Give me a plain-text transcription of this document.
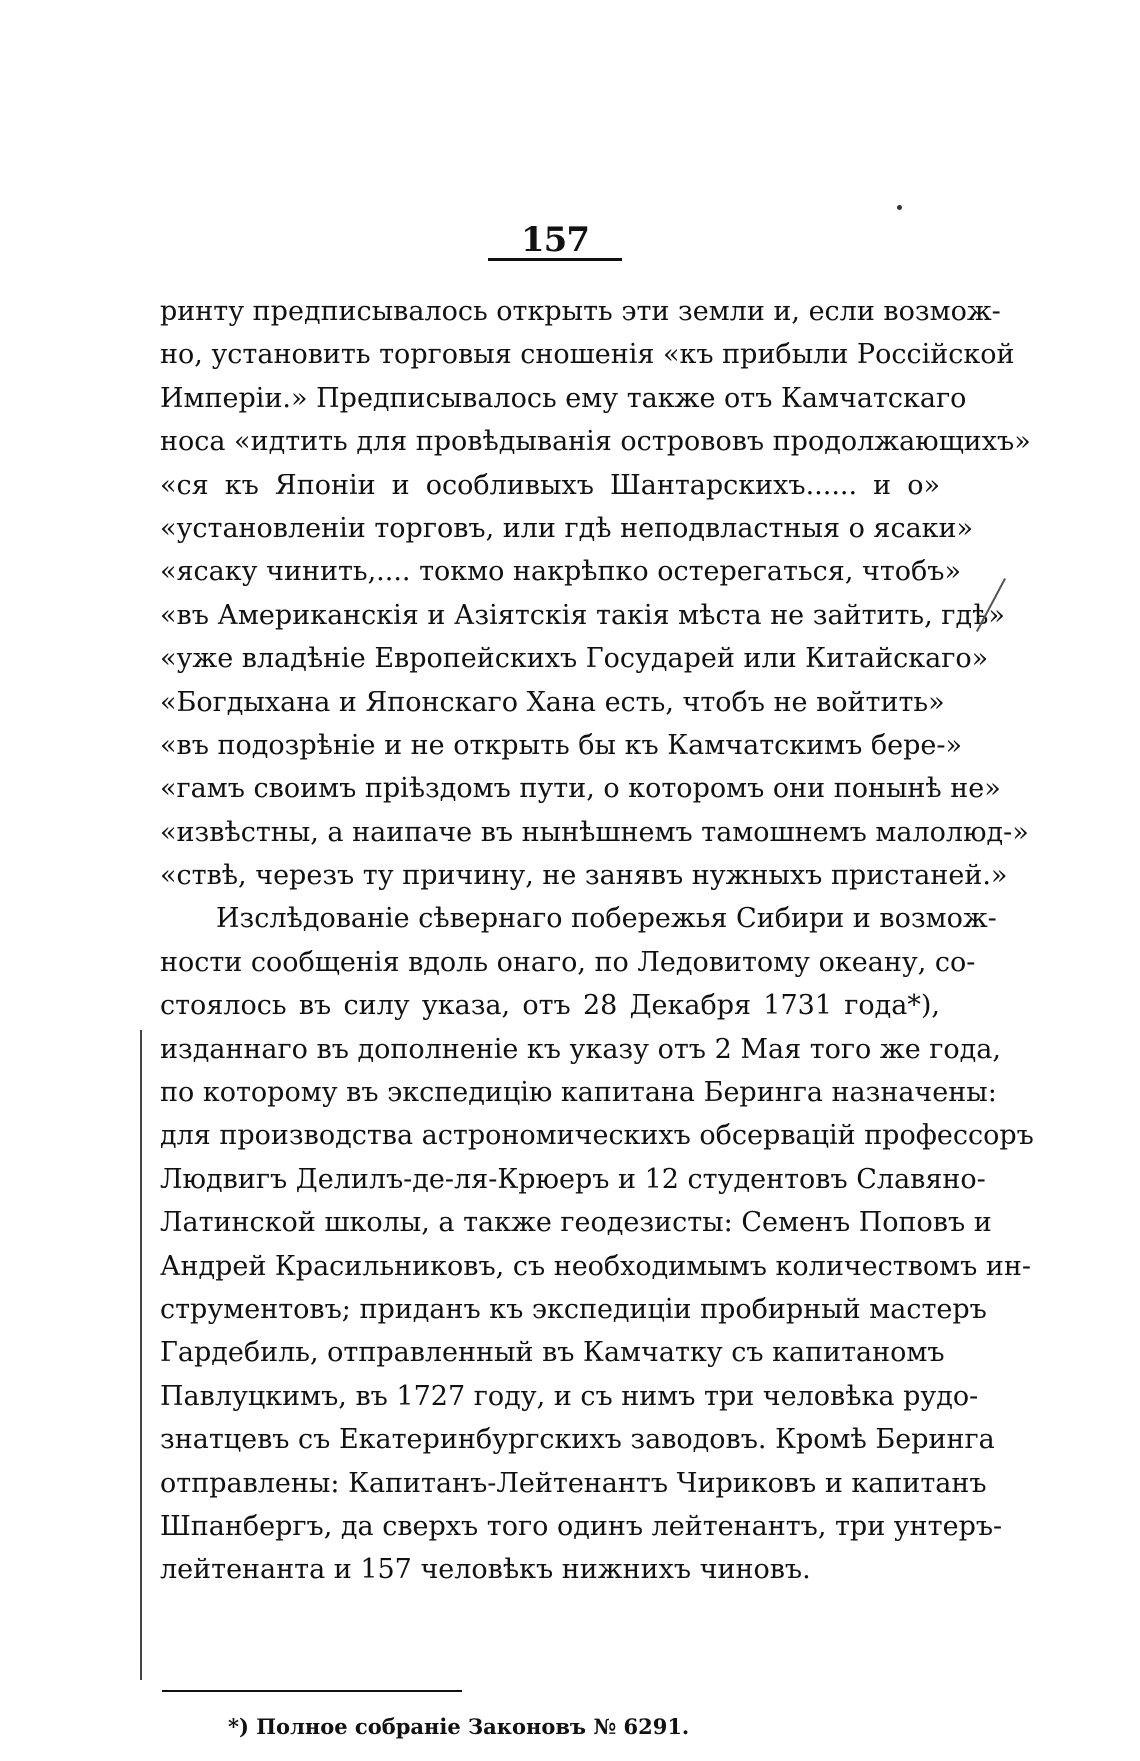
157
ринту предписывалось открыть эти земли и, если возмож-
но, установить торговыя сношенія «къ прибыли Россійской
Имперіи.» Предписывалось ему также отъ Камчатскаго
носа «идтить для провѣдыванія острововъ продолжающихъ»
«ся къ Японіи и особливыхъ Шантарскихъ...... и о»
«установленіи торговъ, или гдѣ неподвластныя о ясаки»
«ясаку чинить,.... токмо накрѣпко остерегаться, чтобъ»
«въ Американскія и Азіятскія такія мѣста не зайтить, гдѣ»
«уже владѣніе Европейскихъ Государей или Китайскаго»
«Богдыхана и Японскаго Хана есть, чтобъ не войтить»
«въ подозрѣніе и не открыть бы къ Камчатскимъ бере-»
«гамъ своимъ пріѣздомъ пути, о которомъ они понынѣ не»
«извѣстны, а наипаче въ нынѣшнемъ тамошнемъ малолюд-»
«ствѣ, черезъ ту причину, не занявъ нужныхъ пристаней.»
Изслѣдованіе сѣвернаго побережья Сибири и возмож-
ности сообщенія вдоль онаго, по Ледовитому океану, со-
стоялось въ силу указа, отъ 28 Декабря 1731 года*),
изданнаго въ дополненіе къ указу отъ 2 Мая того же года,
по которому въ экспедицію капитана Беринга назначены:
для производства астрономическихъ обсервацій профессоръ
Людвигъ Делилъ-де-ля-Крюеръ и 12 студентовъ Славяно-
Латинской школы, а также геодезисты: Семенъ Поповъ и
Андрей Красильниковъ, съ необходимымъ количествомъ ин-
струментовъ; приданъ къ экспедиціи пробирный мастеръ
Гардебиль, отправленный въ Камчатку съ капитаномъ
Павлуцкимъ, въ 1727 году, и съ нимъ три человѣка рудо-
знатцевъ съ Екатеринбургскихъ заводовъ. Кромѣ Беринга
отправлены: Капитанъ-Лейтенантъ Чириковъ и капитанъ
Шпанбергъ, да сверхъ того одинъ лейтенантъ, три унтеръ-
лейтенанта и 157 человѣкъ нижнихъ чиновъ.
*) Полное собраніе Законовъ № 6291.
